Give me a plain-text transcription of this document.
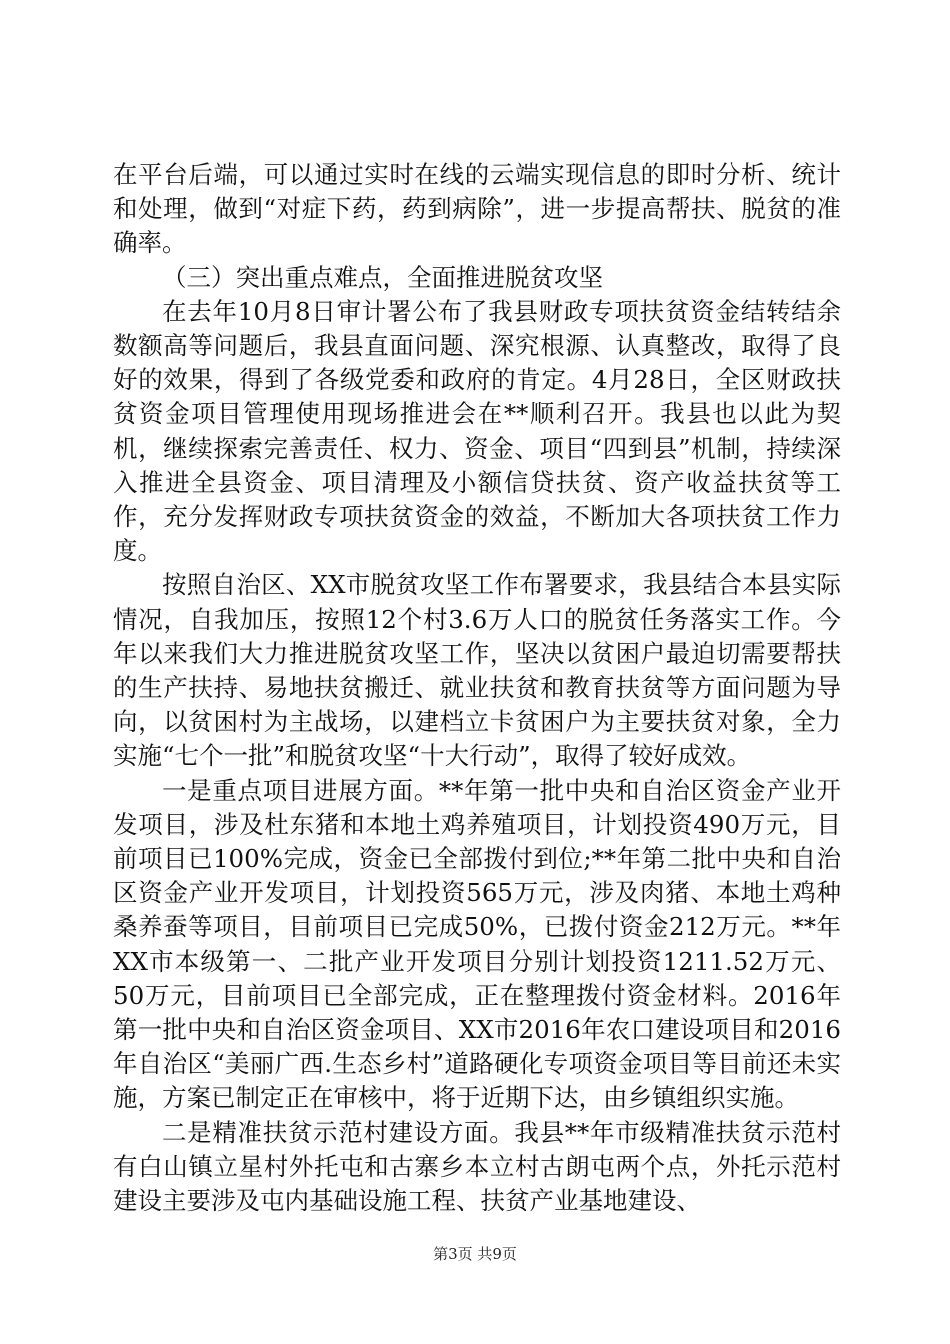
在平台后端，可以通过实时在线的云端实现信息的即时分析、统计和处理，做到“对症下药，药到病除”，进一步提高帮扶、脱贫的准确率。

（三）突出重点难点，全面推进脱贫攻坚

在去年10月8日审计署公布了我县财政专项扶贫资金结转结余数额高等问题后，我县直面问题、深究根源、认真整改，取得了良好的效果，得到了各级党委和政府的肯定。4月28日，全区财政扶贫资金项目管理使用现场推进会在**顺利召开。我县也以此为契机，继续探索完善责任、权力、资金、项目“四到县”机制，持续深入推进全县资金、项目清理及小额信贷扶贫、资产收益扶贫等工作，充分发挥财政专项扶贫资金的效益，不断加大各项扶贫工作力度。

按照自治区、XX市脱贫攻坚工作布署要求，我县结合本县实际情况，自我加压，按照12个村3.6万人口的脱贫任务落实工作。今年以来我们大力推进脱贫攻坚工作，坚决以贫困户最迫切需要帮扶的生产扶持、易地扶贫搬迁、就业扶贫和教育扶贫等方面问题为导向，以贫困村为主战场，以建档立卡贫困户为主要扶贫对象，全力实施“七个一批”和脱贫攻坚“十大行动”，取得了较好成效。

一是重点项目进展方面。**年第一批中央和自治区资金产业开发项目，涉及杜东猪和本地土鸡养殖项目，计划投资490万元，目前项目已100%完成，资金已全部拨付到位;**年第二批中央和自治区资金产业开发项目，计划投资565万元，涉及肉猪、本地土鸡种桑养蚕等项目，目前项目已完成50%，已拨付资金212万元。**年XX市本级第一、二批产业开发项目分别计划投资1211.52万元、50万元，目前项目已全部完成，正在整理拨付资金材料。2016年第一批中央和自治区资金项目、XX市2016年农口建设项目和2016年自治区“美丽广西.生态乡村”道路硬化专项资金项目等目前还未实施，方案已制定正在审核中，将于近期下达，由乡镇组织实施。

二是精准扶贫示范村建设方面。我县**年市级精准扶贫示范村有白山镇立星村外托屯和古寨乡本立村古朗屯两个点，外托示范村建设主要涉及屯内基础设施工程、扶贫产业基地建设、

第3页 共9页
